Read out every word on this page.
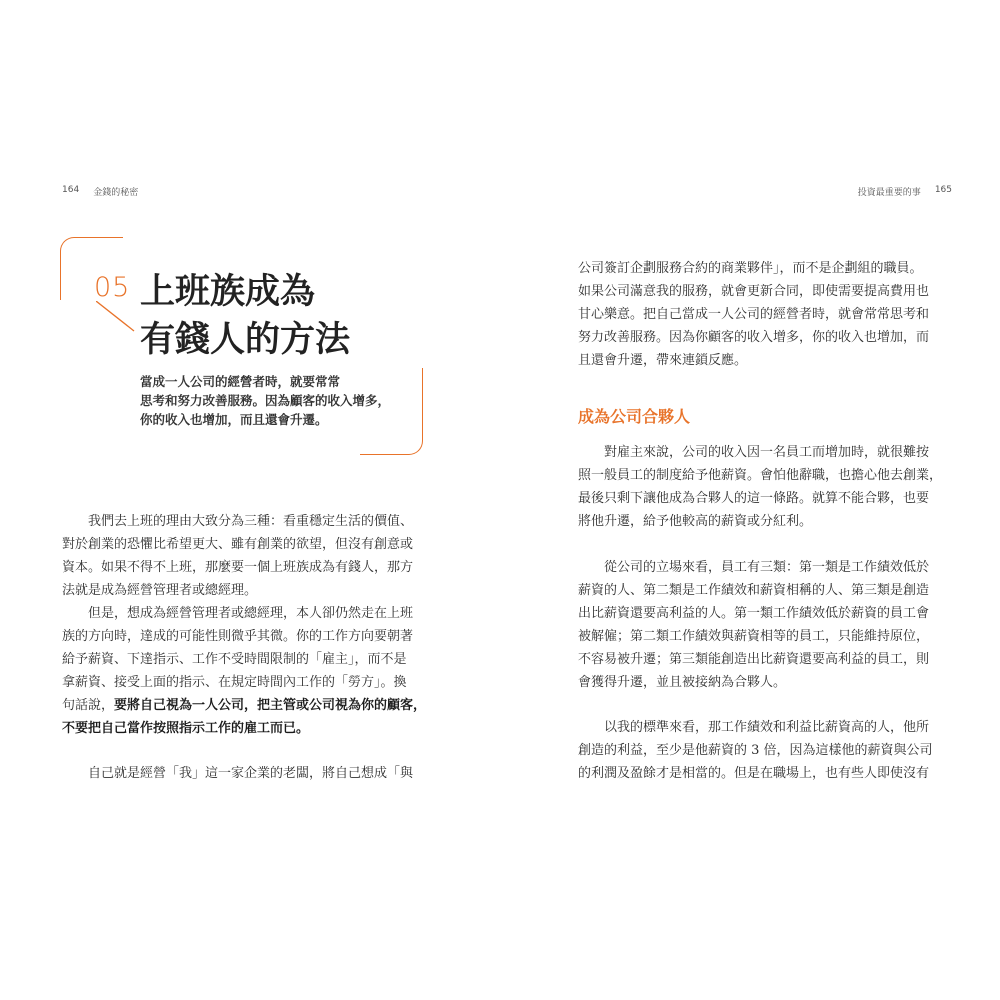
164 金錢的秘密	投資最重要的事 165
05 上班族成為
有錢人的方法
當成一人公司的經營者時，就要常常
思考和努力改善服務。因為顧客的收入增多，
你的收入也增加，而且還會升遷。
我們去上班的理由大致分為三種：看重穩定生活的價值、
對於創業的恐懼比希望更大、雖有創業的欲望，但沒有創意或
資本。如果不得不上班，那麼要一個上班族成為有錢人，那方
法就是成為經營管理者或總經理。
但是，想成為經營管理者或總經理，本人卻仍然走在上班
族的方向時，達成的可能性則微乎其微。你的工作方向要朝著
給予薪資、下達指示、工作不受時間限制的「雇主」，而不是
拿薪資、接受上面的指示、在規定時間內工作的「勞方」。換
句話說，要將自己視為一人公司，把主管或公司視為你的顧客，
不要把自己當作按照指示工作的雇工而已。
自己就是經營「我」這一家企業的老闆，將自己想成「與
公司簽訂企劃服務合約的商業夥伴」，而不是企劃組的職員。
如果公司滿意我的服務，就會更新合同，即使需要提高費用也
甘心樂意。把自己當成一人公司的經營者時，就會常常思考和
努力改善服務。因為你顧客的收入增多，你的收入也增加，而
且還會升遷，帶來連鎖反應。
成為公司合夥人
對雇主來說，公司的收入因一名員工而增加時，就很難按
照一般員工的制度給予他薪資。會怕他辭職，也擔心他去創業，
最後只剩下讓他成為合夥人的這一條路。就算不能合夥，也要
將他升遷，給予他較高的薪資或分紅利。
從公司的立場來看，員工有三類：第一類是工作績效低於
薪資的人、第二類是工作績效和薪資相稱的人、第三類是創造
出比薪資還要高利益的人。第一類工作績效低於薪資的員工會
被解僱；第二類工作績效與薪資相等的員工，只能維持原位，
不容易被升遷；第三類能創造出比薪資還要高利益的員工，則
會獲得升遷，並且被接納為合夥人。
以我的標準來看，那工作績效和利益比薪資高的人，他所
創造的利益，至少是他薪資的 3 倍，因為這樣他的薪資與公司
的利潤及盈餘才是相當的。但是在職場上，也有些人即使沒有
